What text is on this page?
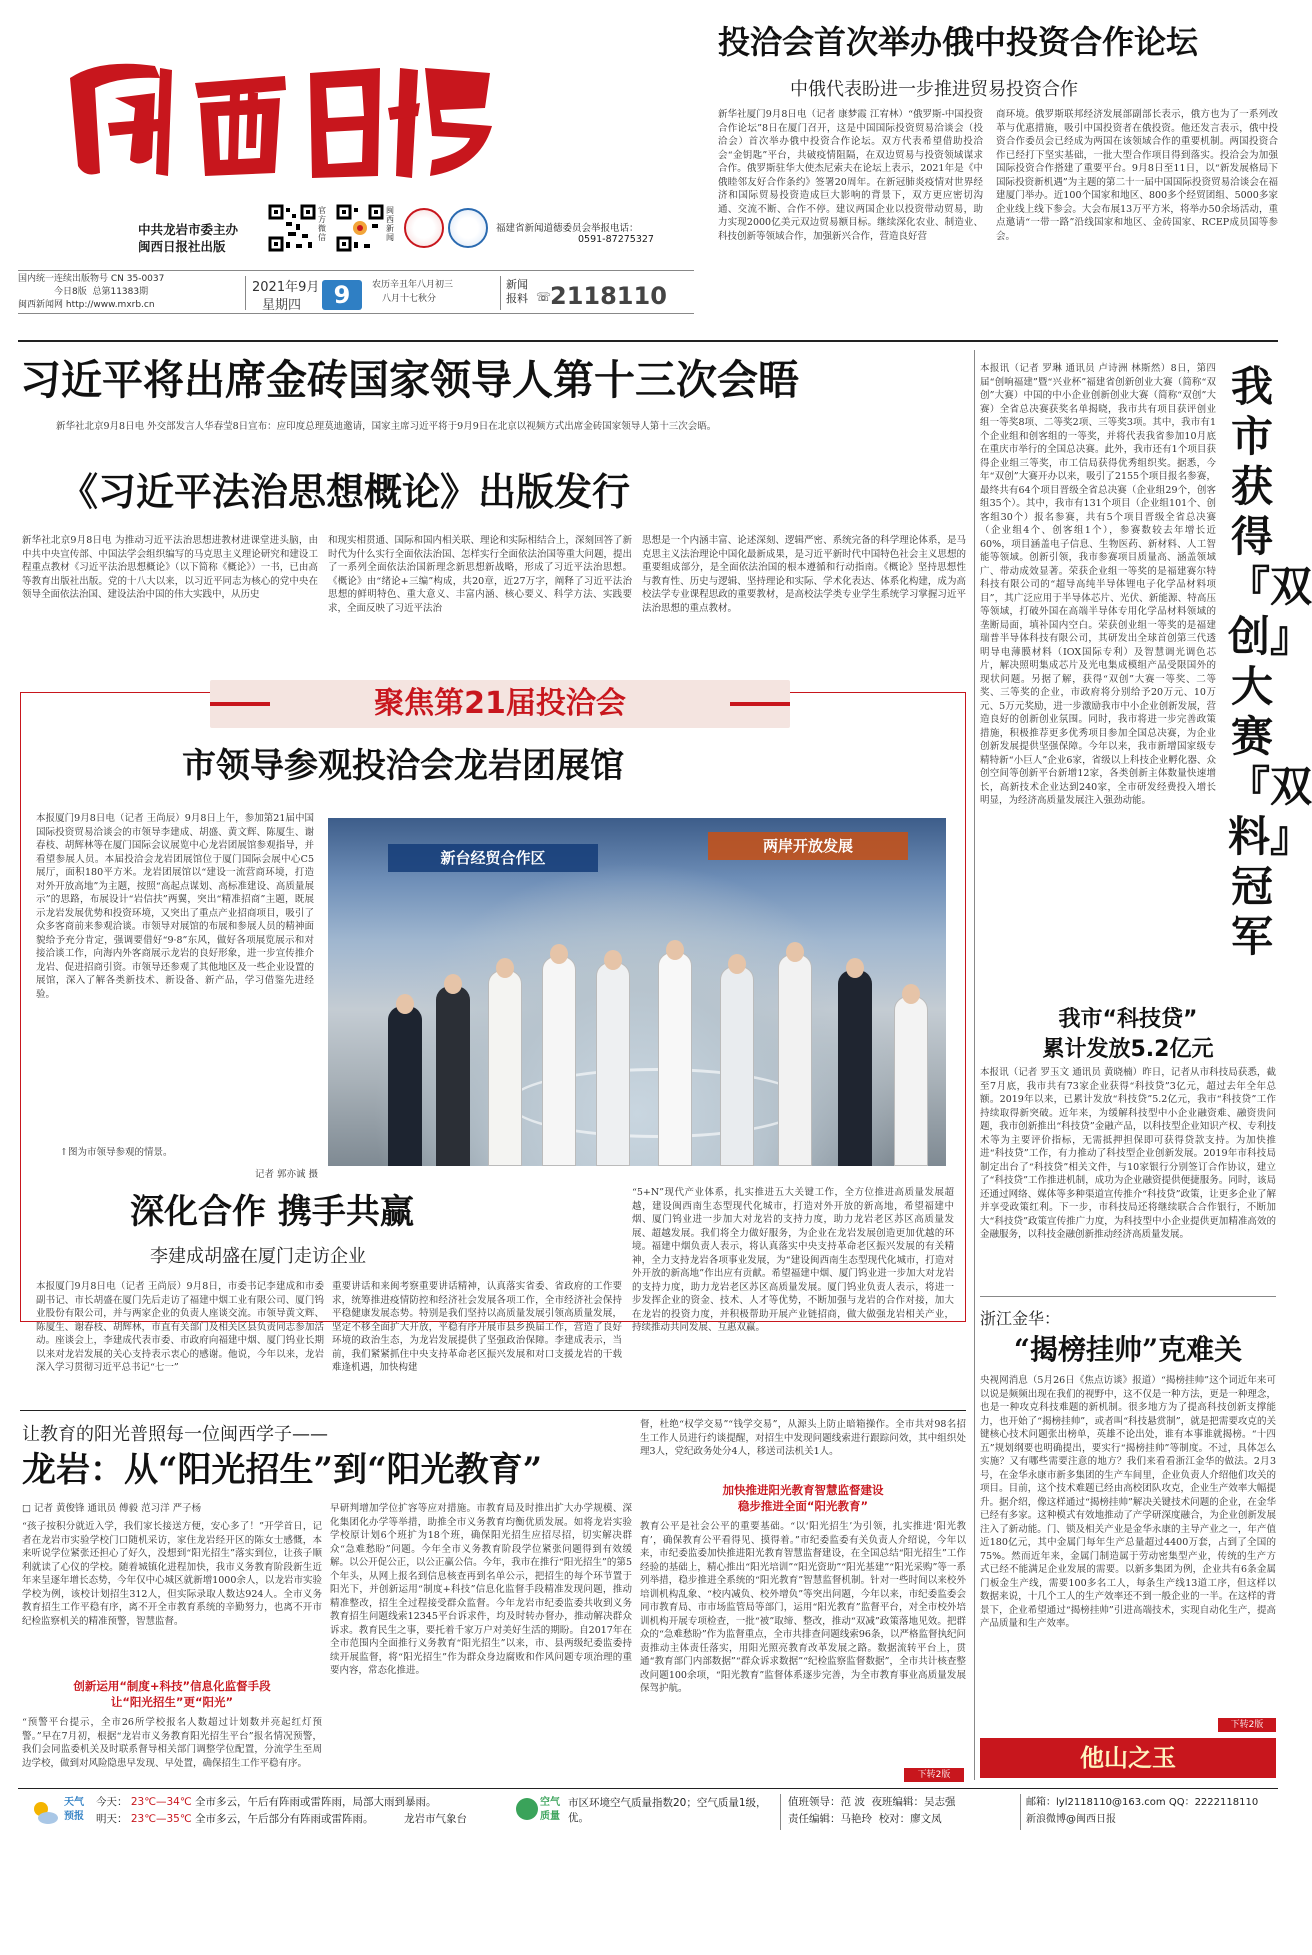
中共龙岩市委主办
闽西日报社出版
官方微信
闽西新闻
福建省新闻道德委员会举报电话：
0591-87275327
国内统一连续出版物号 CN 35-0037
今日8版 总第11383期
闽西新闻网 http://www.mxrb.cn
2021年9月
星期四	9	农历辛丑年八月初三
八月十七秋分
新闻
报料 ☏
2118110
投洽会首次举办俄中投资合作论坛
中俄代表盼进一步推进贸易投资合作
新华社厦门9月8日电（记者 康梦霞 江宥林）“俄罗斯-中国投资合作论坛”8日在厦门召开，这是中国国际投资贸易洽谈会（投洽会）首次举办俄中投资合作论坛。双方代表希望借助投洽会“金钥匙”平台，共破疫情阻隔，在双边贸易与投资领域谋求合作。俄罗斯驻华大使杰尼索夫在论坛上表示，2021年是《中俄睦邻友好合作条约》签署20周年。在新冠肺炎疫情对世界经济和国际贸易投资造成巨大影响的背景下，双方更应密切沟通、交流不断、合作不停。建议两国企业以投资带动贸易，助力实现2000亿美元双边贸易额目标。继续深化农业、制造业、科技创新等领域合作，加强新兴合作，营造良好营
商环境。俄罗斯联邦经济发展部副部长表示，俄方也为了一系列改革与优惠措施，吸引中国投资者在俄投资。他还发言表示，俄中投资合作委员会已经成为两国在该领域合作的重要机制。两国投资合作已经打下坚实基础，一批大型合作项目得到落实。投洽会为加强国际投资合作搭建了重要平台。9月8日至11日，以“新发展格局下国际投资新机遇”为主题的第二十一届中国国际投资贸易洽谈会在福建厦门举办。近100个国家和地区、800多个经贸团组、5000多家企业线上线下参会。大会布展13万平方米，将举办50余场活动，重点邀请“一带一路”沿线国家和地区、金砖国家、RCEP成员国等参会。
习近平将出席金砖国家领导人第十三次会晤
新华社北京9月8日电 外交部发言人华春莹8日宣布：应印度总理莫迪邀请，国家主席习近平将于9月9日在北京以视频方式出席金砖国家领导人第十三次会晤。
《习近平法治思想概论》出版发行
新华社北京9月8日电 为推动习近平法治思想进教材进课堂进头脑，由中共中央宣传部、中国法学会组织编写的马克思主义理论研究和建设工程重点教材《习近平法治思想概论》（以下简称《概论》）一书，已由高等教育出版社出版。党的十八大以来，以习近平同志为核心的党中央在领导全面依法治国、建设法治中国的伟大实践中，从历史
和现实相贯通、国际和国内相关联、理论和实际相结合上，深刻回答了新时代为什么实行全面依法治国、怎样实行全面依法治国等重大问题，提出了一系列全面依法治国新理念新思想新战略，形成了习近平法治思想。《概论》由“绪论+三编”构成，共20章，近27万字，阐释了习近平法治思想的鲜明特色、重大意义、丰富内涵、核心要义、科学方法、实践要求，全面反映了习近平法治
思想是一个内涵丰富、论述深刻、逻辑严密、系统完备的科学理论体系，是马克思主义法治理论中国化最新成果，是习近平新时代中国特色社会主义思想的重要组成部分，是全面依法治国的根本遵循和行动指南。《概论》坚持思想性与教育性、历史与逻辑、坚持理论和实际、学术化表达、体系化构建，成为高校法学专业课程思政的重要教材，是高校法学类专业学生系统学习掌握习近平法治思想的重点教材。
聚焦第21届投洽会
市领导参观投洽会龙岩团展馆
本报厦门9月8日电（记者 王尚辰）9月8日上午，参加第21届中国国际投资贸易洽谈会的市领导李建成、胡盛、黄文辉、陈厦生、谢春枝、胡辉林等在厦门国际会议展览中心龙岩团展馆参观指导，并看望参展人员。本届投洽会龙岩团展馆位于厦门国际会展中心C5展厅，面积180平方米。龙岩团展馆以“建设一流营商环境，打造对外开放高地”为主题，按照“高起点谋划、高标准建设、高质量展示”的思路，布展设计“岩信扶”两翼，突出“精准招商”主题，既展示龙岩发展优势和投资环境，又突出了重点产业招商项目，吸引了众多客商前来参观洽谈。市领导对展馆的布展和参展人员的精神面貌给予充分肯定，强调要借好“9·8”东风，做好各项展览展示和对接洽谈工作，向海内外客商展示龙岩的良好形象，进一步宣传推介龙岩、促进招商引资。市领导还参观了其他地区及一些企业设置的展馆，深入了解各类新技术、新设备、新产品，学习借鉴先进经验。
↑图为市领导参观的情景。
记者 郭亦诚 摄
新台经贸合作区
两岸开放发展
深化合作 携手共赢
李建成胡盛在厦门走访企业
本报厦门9月8日电（记者 王尚辰）9月8日，市委书记李建成和市委副书记、市长胡盛在厦门先后走访了福建中烟工业有限公司、厦门钨业股份有限公司，并与两家企业的负责人座谈交流。市领导黄文辉、陈厦生、谢春枝、胡辉林，市直有关部门及相关区县负责同志参加活动。座谈会上，李建成代表市委、市政府向福建中烟、厦门钨业长期以来对龙岩发展的关心支持表示衷心的感谢。他说，今年以来，龙岩深入学习贯彻习近平总书记“七一”
重要讲话和来闽考察重要讲话精神，认真落实省委、省政府的工作要求，统筹推进疫情防控和经济社会发展各项工作，全市经济社会保持平稳健康发展态势。特别是我们坚持以高质量发展引领高质量发展，坚定不移全面扩大开放，平稳有序开展市县乡换届工作，营造了良好环境的政治生态，为龙岩发展提供了坚强政治保障。李建成表示，当前，我们紧紧抓住中央支持革命老区振兴发展和对口支援龙岩的干载难逢机遇，加快构建
“5+N”现代产业体系，扎实推进五大关键工作，全方位推进高质量发展超越，建设闽西南生态型现代化城市，打造对外开放的新高地，希望福建中烟、厦门钨业进一步加大对龙岩的支持力度，助力龙岩老区苏区高质量发展、超越发展。我们将全力做好服务，为企业在龙岩发展创造更加优越的环境。福建中烟负责人表示，将认真落实中央支持革命老区振兴发展的有关精神，全力支持龙岩各项事业发展，为“建设闽西南生态型现代化城市，打造对外开放的新高地”作出应有贡献。希望福建中烟、厦门钨业进一步加大对龙岩的支持力度，助力龙岩老区苏区高质量发展。厦门钨业负责人表示，将进一步发挥企业的资金、技术、人才等优势，不断加强与龙岩的合作对接，加大在龙岩的投资力度，并积极帮助开展产业链招商，做大做强龙岩相关产业，持续推动共同发展、互惠双赢。
让教育的阳光普照每一位闽西学子——
龙岩：从“阳光招生”到“阳光教育”
□ 记者 黄俊锋 通讯员 傅毅 范习洋 严子杨
“孩子按积分就近入学，我们家长接送方便，安心多了！”开学首日，记者在龙岩市实验学校门口随机采访，家住龙岩经开区的陈女士感慨，本来听说学位紧张还担心了好久，没想到“阳光招生”落实到位，让孩子顺利就读了心仪的学校。随着城镇化进程加快，我市义务教育阶段新生近年来呈逐年增长态势，今年仅中心城区就新增1000余人，以龙岩市实验学校为例，该校计划招生312人，但实际录取人数达924人。全市义务教育招生工作平稳有序，离不开全市教育系统的辛勤努力，也离不开市纪检监察机关的精准预警，智慧监督。
创新运用“制度+科技”信息化监督手段
让“阳光招生”更“阳光”
“预警平台提示，全市26所学校报名人数超过计划数并亮起红灯预警。”早在7月初，根据“龙岩市义务教育阳光招生平台”报名情况预警，我们会同监委机关及时联系督导相关部门调整学位配置，分流学生至周边学校，做到对风险隐患早发现、早处置，确保招生工作平稳有序。
早研判增加学位扩容等应对措施。市教育局及时推出扩大办学规模、深化集团化办学等举措，助推全市义务教育均衡优质发展。如将龙岩实验学校原计划6个班扩为18个班，确保阳光招生应招尽招，切实解决群众“急难愁盼”问题。今年全市义务教育阶段学位紧张问题得到有效缓解。以公开促公正，以公正赢公信。今年，我市在推行“阳光招生”的第5个年头，从网上报名到信息核查再到名单公示，把招生的每个环节置于阳光下，并创新运用“制度+科技”信息化监督手段精准发现问题，推动精准整改，招生全过程接受群众监督。今年龙岩市纪委监委共收到义务教育招生问题线索12345平台诉求件，均及时转办督办，推动解决群众诉求。教育民生之事，要托着千家万户对美好生活的期盼。自2017年在全市范围内全面推行义务教育“阳光招生”以来，市、县两级纪委监委持续开展监督，将“阳光招生”作为群众身边腐败和作风问题专项治理的重要内容，常态化推进。
督，杜绝“权学交易”“钱学交易”，从源头上防止暗箱操作。全市共对98名招生工作人员进行约谈提醒，对招生中发现问题线索进行跟踪问效，其中组织处理3人，党纪政务处分4人，移送司法机关1人。
加快推进阳光教育智慧监督建设
稳步推进全面“阳光教育”
教育公平是社会公平的重要基础。“以‘阳光招生’为引领，扎实推进‘阳光教育’，确保教育公平看得见、摸得着。”市纪委监委有关负责人介绍说，今年以来，市纪委监委加快推进阳光教育智慧监督建设，在全国总结“阳光招生”工作经验的基础上，精心推出“阳光培训”“阳光资助”“阳光基建”“阳光采购”等一系列举措，稳步推进全系统的“阳光教育”智慧监督机制。针对一些时间以来校外培训机构乱象、“校内减负、校外增负”等突出问题，今年以来，市纪委监委会同市教育局、市市场监管局等部门，运用“阳光教育”监督平台，对全市校外培训机构开展专项检查，一批“被”取缔、整改，推动“双减”政策落地见效。把群众的“急难愁盼”作为监督重点，全市共排查问题线索96条，以严格监督执纪问责推动主体责任落实，用阳光照亮教育改革发展之路。数据流转平台上，贯通“教育部门内部数据”“群众诉求数据”“纪检监察监督数据”，全市共计核查整改问题100余项，“阳光教育”监督体系逐步完善，为全市教育事业高质量发展保驾护航。
下转2版
本报讯（记者 罗琳 通讯员 卢诗洲 林斯然）8日，第四届“创响福建”暨“兴业杯”福建省创新创业大赛（简称“双创”大赛）中国的中小企业创新创业大赛（简称“双创”大赛）全省总决赛获奖名单揭晓，我市共有项目获评创业组一等奖8项、二等奖2项、三等奖3项。其中，我市有1个企业组和创客组的一等奖，并将代表我省参加10月底在重庆市举行的全国总决赛。此外，我市还有1个项目获得企业组三等奖，市工信局获得优秀组织奖。据悉，今年“双创”大赛开办以来，吸引了2155个项目报名参赛，最终共有64个项目晋级全省总决赛（企业组29个，创客组35个）。其中，我市有131个项目（企业组101个、创客组30个）报名参赛，共有5个项目晋级全省总决赛（企业组4个、创客组1个），参赛数较去年增长近60%，项目涵盖电子信息、生物医药、新材料、人工智能等领域。创新引领，我市参赛项目质量高、涵盖领域广、带动成效显著。荣获企业组一等奖的是福建赛尔特科技有限公司的“超导高纯半导体锂电子化学品材料项目”，其广泛应用于半导体芯片、光伏、新能源、特高压等领域，打破外国在高端半导体专用化学品材料领域的垄断局面，填补国内空白。荣获创业组一等奖的是福建瑞普半导体科技有限公司，其研发出全球首创第三代透明导电薄膜材料（IOX国际专利）及智慧调光调色芯片，解决照明集成芯片及光电集成模组产品受限国外的现状问题。另据了解，获得“双创”大赛一等奖、二等奖、三等奖的企业，市政府将分别给予20万元、10万元、5万元奖励，进一步激励我市中小企业创新发展，营造良好的创新创业氛围。同时，我市将进一步完善政策措施，积极推荐更多优秀项目参加全国总决赛，为企业创新发展提供坚强保障。今年以来，我市新增国家级专精特新“小巨人”企业6家，省级以上科技企业孵化器、众创空间等创新平台新增12家，各类创新主体数量快速增长，高新技术企业达到240家，全市研发经费投入增长明显，为经济高质量发展注入强劲动能。
我市获得『双创』大赛『双料』冠军
我市“科技贷”
累计发放5.2亿元
本报讯（记者 罗玉文 通讯员 黄晓楠）昨日，记者从市科技局获悉，截至7月底，我市共有73家企业获得“科技贷”3亿元，超过去年全年总额。2019年以来，已累计发放“科技贷”5.2亿元，我市“科技贷”工作持续取得新突破。近年来，为缓解科技型中小企业融资难、融资贵问题，我市创新推出“科技贷”金融产品，以科技型企业知识产权、专利技术等为主要评价指标，无需抵押担保即可获得贷款支持。为加快推进“科技贷”工作，有力推动了科技型企业创新发展。2019年市科技局制定出台了“科技贷”相关文件，与10家银行分别签订合作协议，建立了“科技贷”工作推进机制，成功为企业融资提供便捷服务。同时，该局还通过网络、媒体等多种渠道宣传推介“科技贷”政策，让更多企业了解并享受政策红利。下一步，市科技局还将继续联合合作银行，不断加大“科技贷”政策宣传推广力度，为科技型中小企业提供更加精准高效的金融服务，以科技金融创新推动经济高质量发展。
浙江金华：
“揭榜挂帅”克难关
央视网消息（5月26日《焦点访谈》报道）“揭榜挂帅”这个词近年来可以说是频频出现在我们的视野中，这不仅是一种方法，更是一种理念，也是一种攻克科技难题的新机制。很多地方为了提高科技创新支撑能力，也开始了“揭榜挂帅”，或者叫“科技悬赏制”，就是把需要攻克的关键核心技术问题张出榜单，英雄不论出处，谁有本事谁就揭榜。“十四五”规划纲要也明确提出，要实行“揭榜挂帅”等制度。不过，具体怎么实施？又有哪些需要注意的地方？我们来看看浙江金华的做法。2月3号，在金华永康市新多集团的生产车间里，企业负责人介绍他们攻关的项目。目前，这个技术难题已经由高校团队攻克，企业生产效率大幅提升。据介绍，像这样通过“揭榜挂帅”解决关键技术问题的企业，在金华已经有多家。这种模式有效地推动了产学研深度融合，为企业创新发展注入了新动能。门、锁及相关产业是金华永康的主导产业之一，年产值近180亿元，其中金属门每年生产总量超过4400万套，占到了全国的75%。然而近年来，金属门制造属于劳动密集型产业，传统的生产方式已经不能满足企业发展的需要。以新多集团为例，企业共有6条金属门板金生产线，需要100多名工人，每条生产线13道工序，但这样以数据来说，十几个工人的生产效率还不到一般企业的一半。在这样的背景下，企业希望通过“揭榜挂帅”引进高端技术，实现自动化生产，提高产品质量和生产效率。
下转2版
他山之玉
天气
预报
今天： 23℃—34℃ 全市多云，午后有阵雨或雷阵雨，局部大雨到暴雨。
明天： 23℃—35℃ 全市多云，午后部分有阵雨或雷阵雨。	龙岩市气象台
空气
质量
市区环境空气质量指数20；空气质量1级，优。
值班领导：范 波 夜班编辑：吴志强
责任编辑：马艳玲 校对：廖文凤
邮箱：lyl2118110@163.com QQ：2222118110
新浪微博@闽西日报
